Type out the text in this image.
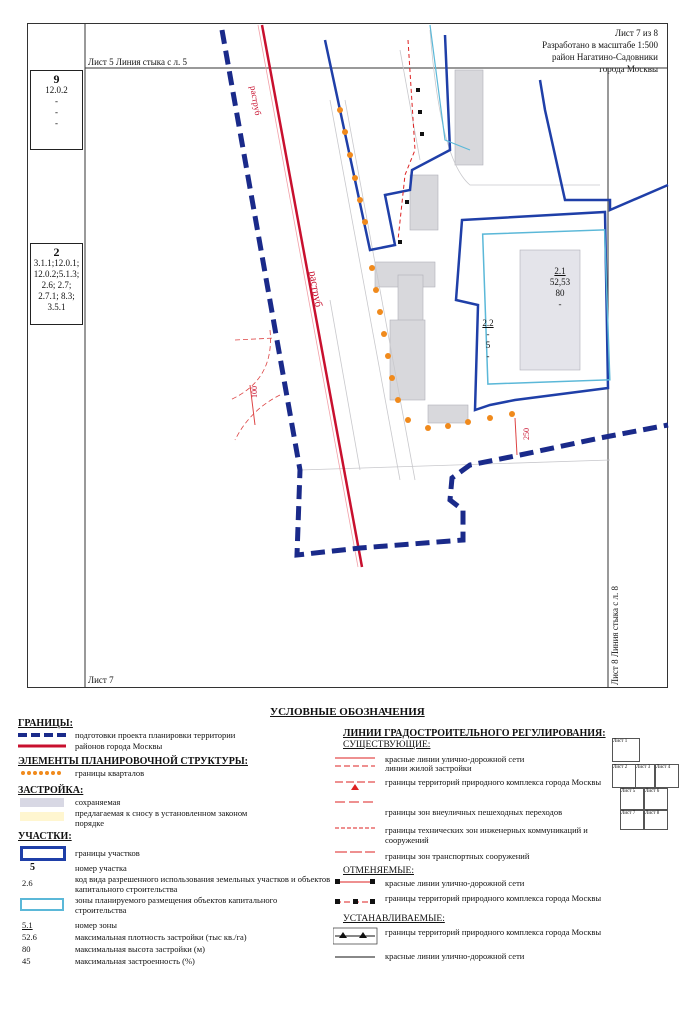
Лист 7 из 8
Разработано в масштабе 1:500
район Нагатино-Садовники
города Москвы
Лист 5 Линия стыка с л. 5
Лист 7	Лист 8 Линия стыка с л. 8
раструб
раструб
100
250
9
12.0.2
-
-
-
2
3.1.1;12.0.1;
12.0.2;5.1.3;
2.6; 2.7;
2.7.1; 8.3;
3.5.1
2.1
52,53
80
-
2.2
-
5
-
УСЛОВНЫЕ ОБОЗНАЧЕНИЯ
ГРАНИЦЫ:
подготовки проекта планировки территории
районов города Москвы
ЭЛЕМЕНТЫ ПЛАНИРОВОЧНОЙ СТРУКТУРЫ:
границы кварталов
ЗАСТРОЙКА:
сохраняемая
предлагаемая к сносу в установленном законом порядке
УЧАСТКИ:
границы участков
5	номер участка
2.6	код вида разрешенного использования земельных участков и объектов капитального строительства
зоны планируемого размещения объектов капитального строительства
5.1	номер зоны
52.6	максимальная плотность застройки (тыс кв./га)
80	максимальная высота застройки (м)
45	максимальная застроенность (%)
ЛИНИИ ГРАДОСТРОИТЕЛЬНОГО РЕГУЛИРОВАНИЯ:
СУЩЕСТВУЮЩИЕ:
красные линии улично-дорожной сети
линии жилой застройки
границы территорий природного комплекса города Москвы
границы зон внеуличных пешеходных переходов
границы технических зон инженерных коммуникаций и сооружений
границы зон транспортных сооружений
ОТМЕНЯЕМЫЕ:
красные линии улично-дорожной сети
границы территорий природного комплекса города Москвы
УСТАНАВЛИВАЕМЫЕ:
границы территорий природного комплекса города Москвы
красные линии улично-дорожной сети
Лист 1
Лист 2	Лист 3	Лист 4
Лист 5	Лист 6
Лист 7	Лист 8
